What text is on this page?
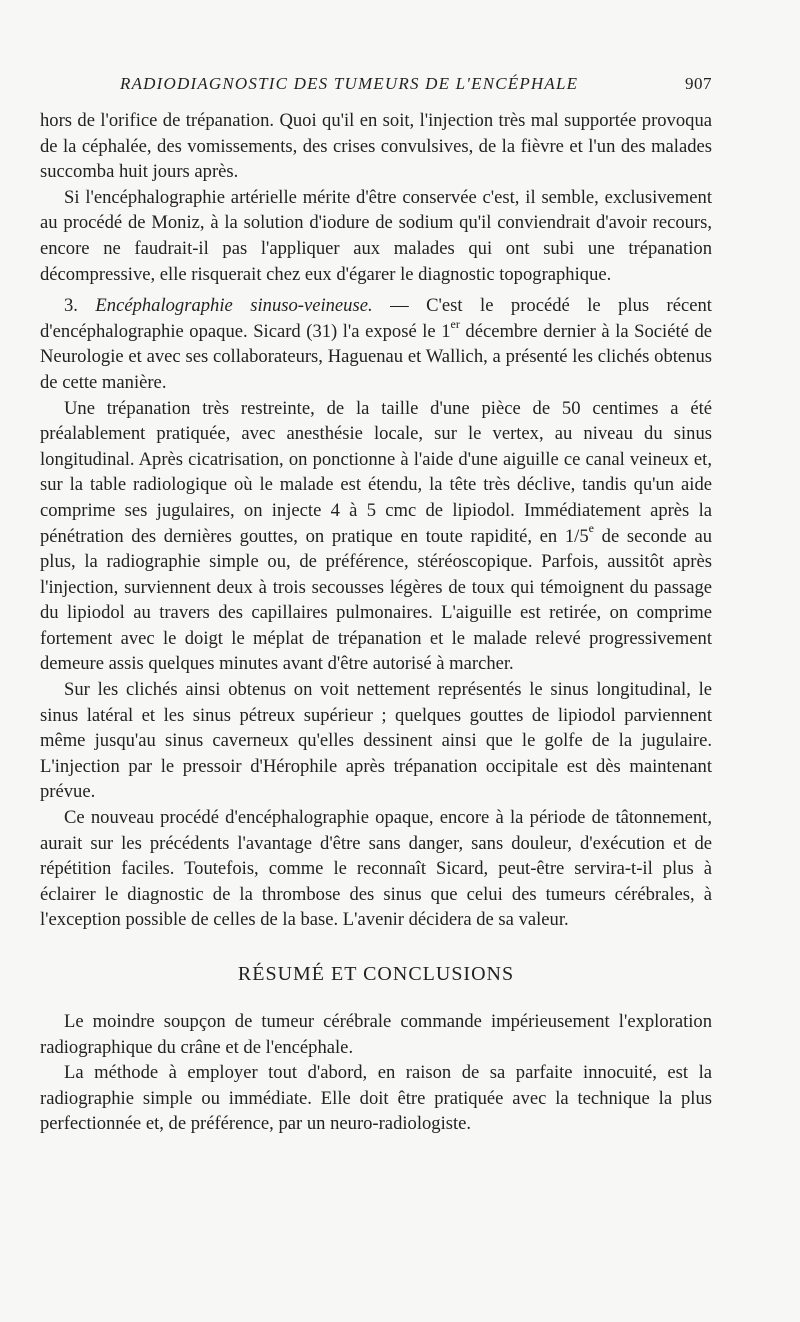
RADIODIAGNOSTIC DES TUMEURS DE L'ENCÉPHALE	907

hors de l'orifice de trépanation. Quoi qu'il en soit, l'injection très mal supportée provoqua de la céphalée, des vomissements, des crises convulsives, de la fièvre et l'un des malades succomba huit jours après.

Si l'encéphalographie artérielle mérite d'être conservée c'est, il semble, exclusivement au procédé de Moniz, à la solution d'iodure de sodium qu'il conviendrait d'avoir recours, encore ne faudrait-il pas l'appliquer aux malades qui ont subi une trépanation décompressive, elle risquerait chez eux d'égarer le diagnostic topographique.

3. Encéphalographie sinuso-veineuse. — C'est le procédé le plus récent d'encéphalographie opaque. Sicard (31) l'a exposé le 1er décembre dernier à la Société de Neurologie et avec ses collaborateurs, Haguenau et Wallich, a présenté les clichés obtenus de cette manière.

Une trépanation très restreinte, de la taille d'une pièce de 50 centimes a été préalablement pratiquée, avec anesthésie locale, sur le vertex, au niveau du sinus longitudinal. Après cicatrisation, on ponctionne à l'aide d'une aiguille ce canal veineux et, sur la table radiologique où le malade est étendu, la tête très déclive, tandis qu'un aide comprime ses jugulaires, on injecte 4 à 5 cmc de lipiodol. Immédiatement après la pénétration des dernières gouttes, on pratique en toute rapidité, en 1/5e de seconde au plus, la radiographie simple ou, de préférence, stéréoscopique. Parfois, aussitôt après l'injection, surviennent deux à trois secousses légères de toux qui témoignent du passage du lipiodol au travers des capillaires pulmonaires. L'aiguille est retirée, on comprime fortement avec le doigt le méplat de trépanation et le malade relevé progressivement demeure assis quelques minutes avant d'être autorisé à marcher.

Sur les clichés ainsi obtenus on voit nettement représentés le sinus longitudinal, le sinus latéral et les sinus pétreux supérieur ; quelques gouttes de lipiodol parviennent même jusqu'au sinus caverneux qu'elles dessinent ainsi que le golfe de la jugulaire. L'injection par le pressoir d'Hérophile après trépanation occipitale est dès maintenant prévue.

Ce nouveau procédé d'encéphalographie opaque, encore à la période de tâtonnement, aurait sur les précédents l'avantage d'être sans danger, sans douleur, d'exécution et de répétition faciles. Toutefois, comme le reconnaît Sicard, peut-être servira-t-il plus à éclairer le diagnostic de la thrombose des sinus que celui des tumeurs cérébrales, à l'exception possible de celles de la base. L'avenir décidera de sa valeur.

RÉSUMÉ ET CONCLUSIONS

Le moindre soupçon de tumeur cérébrale commande impérieusement l'exploration radiographique du crâne et de l'encéphale.

La méthode à employer tout d'abord, en raison de sa parfaite innocuité, est la radiographie simple ou immédiate. Elle doit être pratiquée avec la technique la plus perfectionnée et, de préférence, par un neuro-radiologiste.
